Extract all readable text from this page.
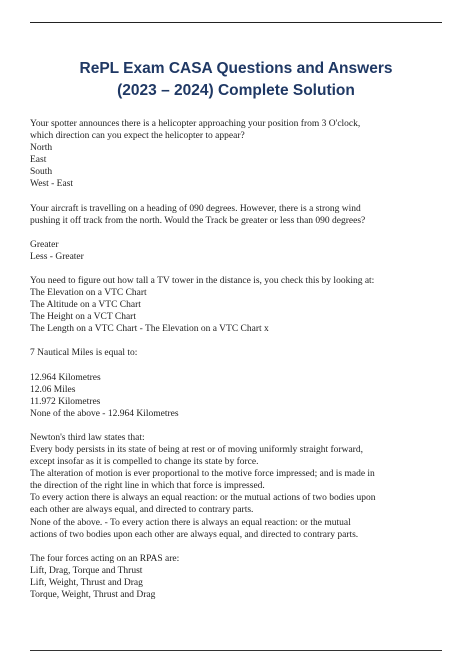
RePL Exam CASA Questions and Answers
(2023 – 2024) Complete Solution

Your spotter announces there is a helicopter approaching your position from 3 O'clock,
which direction can you expect the helicopter to appear?

North

East

South

West - East

Your aircraft is travelling on a heading of 090 degrees. However, there is a strong wind
pushing it off track from the north. Would the Track be greater or less than 090 degrees?

Greater

Less - Greater

You need to figure out how tall a TV tower in the distance is, you check this by looking at:

The Elevation on a VTC Chart

The Altitude on a VTC Chart

The Height on a VCT Chart

The Length on a VTC Chart - The Elevation on a VTC Chart x

7 Nautical Miles is equal to:

12.964 Kilometres

12.06 Miles

11.972 Kilometres

None of the above - 12.964 Kilometres

Newton's third law states that:

Every body persists in its state of being at rest or of moving uniformly straight forward,
except insofar as it is compelled to change its state by force.

The alteration of motion is ever proportional to the motive force impressed; and is made in
the direction of the right line in which that force is impressed.

To every action there is always an equal reaction: or the mutual actions of two bodies upon
each other are always equal, and directed to contrary parts.

None of the above. - To every action there is always an equal reaction: or the mutual
actions of two bodies upon each other are always equal, and directed to contrary parts.

The four forces acting on an RPAS are:

Lift, Drag, Torque and Thrust

Lift, Weight, Thrust and Drag

Torque, Weight, Thrust and Drag
